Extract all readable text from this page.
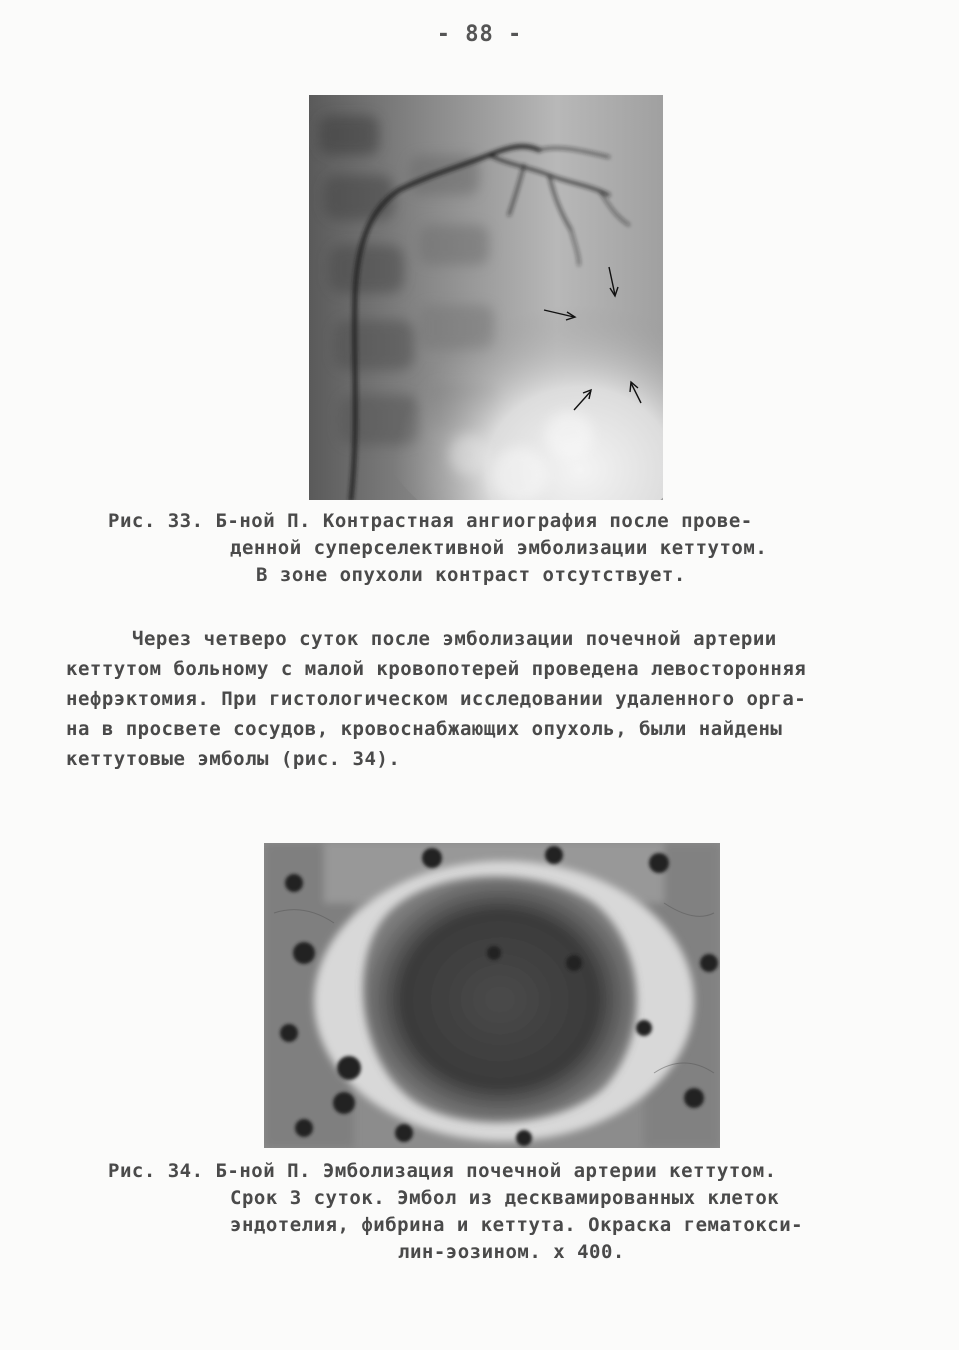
- 88 -
Рис. 33. Б-ной П. Контрастная ангиография после прове-
денной суперселективной эмболизации кеттутом.
В зоне опухоли контраст отсутствует.
Через четверо суток после эмболизации почечной артерии
кеттутом больному с малой кровопотерей проведена левосторонняя
нефрэктомия. При гистологическом исследовании удаленного орга-
на в просвете сосудов, кровоснабжающих опухоль, были найдены
кеттутовые эмболы (рис. 34).
Рис. 34. Б-ной П. Эмболизация почечной артерии кеттутом.
Срок 3 суток. Эмбол из десквамированных клеток
эндотелия, фибрина и кеттута. Окраска гематокси-
лин-эозином. х 400.
